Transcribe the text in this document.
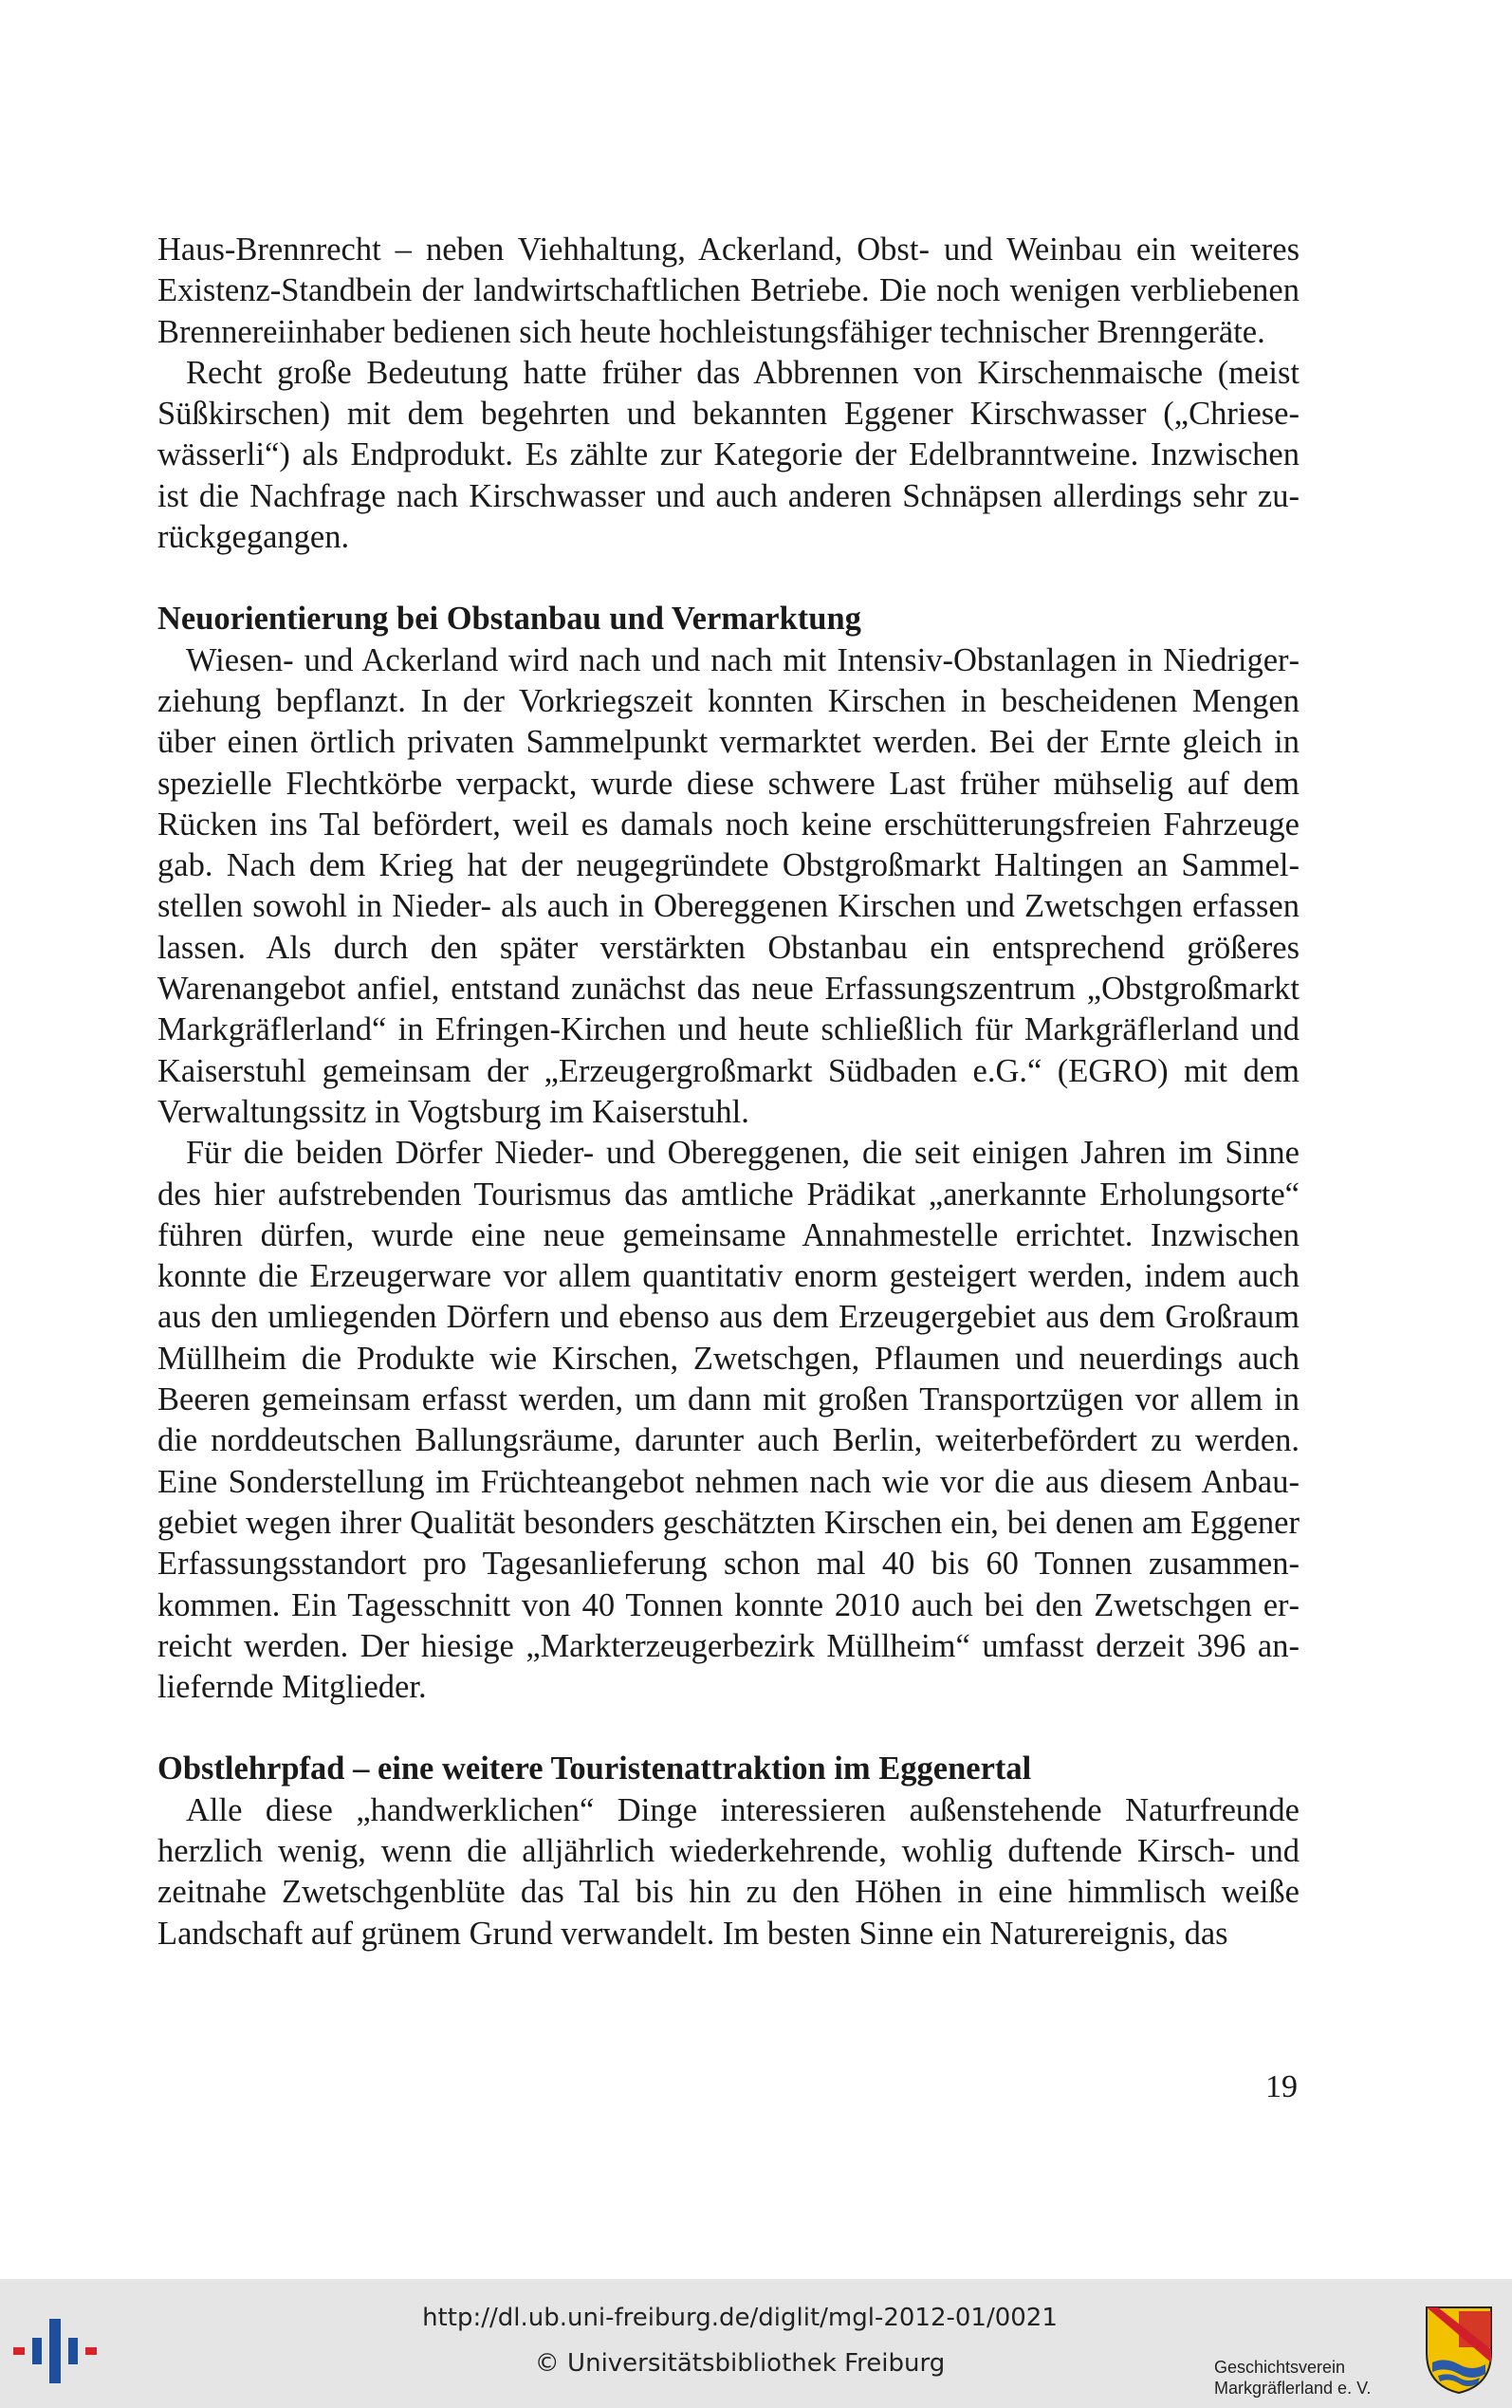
Haus-Brennrecht – neben Viehhaltung, Ackerland, Obst- und Weinbau ein weiteres Existenz-Standbein der landwirtschaftlichen Betriebe. Die noch wenigen verbliebenen Brennereiinhaber bedienen sich heute hochleistungsfähiger technischer Brenngeräte.

Recht große Bedeutung hatte früher das Abbrennen von Kirschenmaische (meist Süßkirschen) mit dem begehrten und bekannten Eggener Kirschwasser („Chriesewässerli“) als Endprodukt. Es zählte zur Kategorie der Edelbranntweine. Inzwischen ist die Nachfrage nach Kirschwasser und auch anderen Schnäpsen allerdings sehr zurückgegangen.

Neuorientierung bei Obstanbau und Vermarktung

Wiesen- und Ackerland wird nach und nach mit Intensiv-Obstanlagen in Niedrigerziehung bepflanzt. In der Vorkriegszeit konnten Kirschen in bescheidenen Mengen über einen örtlich privaten Sammelpunkt vermarktet werden. Bei der Ernte gleich in spezielle Flechtkörbe verpackt, wurde diese schwere Last früher mühselig auf dem Rücken ins Tal befördert, weil es damals noch keine erschütterungsfreien Fahrzeuge gab. Nach dem Krieg hat der neugegründete Obstgroßmarkt Haltingen an Sammelstellen sowohl in Nieder- als auch in Obereggenen Kirschen und Zwetschgen erfassen lassen. Als durch den später verstärkten Obstanbau ein entsprechend größeres Warenangebot anfiel, entstand zunächst das neue Erfassungszentrum „Obstgroßmarkt Markgräflerland“ in Efringen-Kirchen und heute schließlich für Markgräflerland und Kaiserstuhl gemeinsam der „Erzeugergroßmarkt Südbaden e.G.“ (EGRO) mit dem Verwaltungssitz in Vogtsburg im Kaiserstuhl.

Für die beiden Dörfer Nieder- und Obereggenen, die seit einigen Jahren im Sinne des hier aufstrebenden Tourismus das amtliche Prädikat „anerkannte Erholungsorte“ führen dürfen, wurde eine neue gemeinsame Annahmestelle errichtet. Inzwischen konnte die Erzeugerware vor allem quantitativ enorm gesteigert werden, indem auch aus den umliegenden Dörfern und ebenso aus dem Erzeugergebiet aus dem Großraum Müllheim die Produkte wie Kirschen, Zwetschgen, Pflaumen und neuerdings auch Beeren gemeinsam erfasst werden, um dann mit großen Transportzügen vor allem in die norddeutschen Ballungsräume, darunter auch Berlin, weiterbefördert zu werden. Eine Sonderstellung im Früchteangebot nehmen nach wie vor die aus diesem Anbaugebiet wegen ihrer Qualität besonders geschätzten Kirschen ein, bei denen am Eggener Erfassungsstandort pro Tagesanlieferung schon mal 40 bis 60 Tonnen zusammenkommen. Ein Tagesschnitt von 40 Tonnen konnte 2010 auch bei den Zwetschgen erreicht werden. Der hiesige „Markterzeugerbezirk Müllheim“ umfasst derzeit 396 anliefernde Mitglieder.

Obstlehrpfad – eine weitere Touristenattraktion im Eggenertal

Alle diese „handwerklichen“ Dinge interessieren außenstehende Naturfreunde herzlich wenig, wenn die alljährlich wiederkehrende, wohlig duftende Kirsch- und zeitnahe Zwetschgenblüte das Tal bis hin zu den Höhen in eine himmlisch weiße Landschaft auf grünem Grund verwandelt. Im besten Sinne ein Naturereignis, das

19
http://dl.ub.uni-freiburg.de/diglit/mgl-2012-01/0021
© Universitätsbibliothek Freiburg	Geschichtsverein
Markgräflerland e. V.
